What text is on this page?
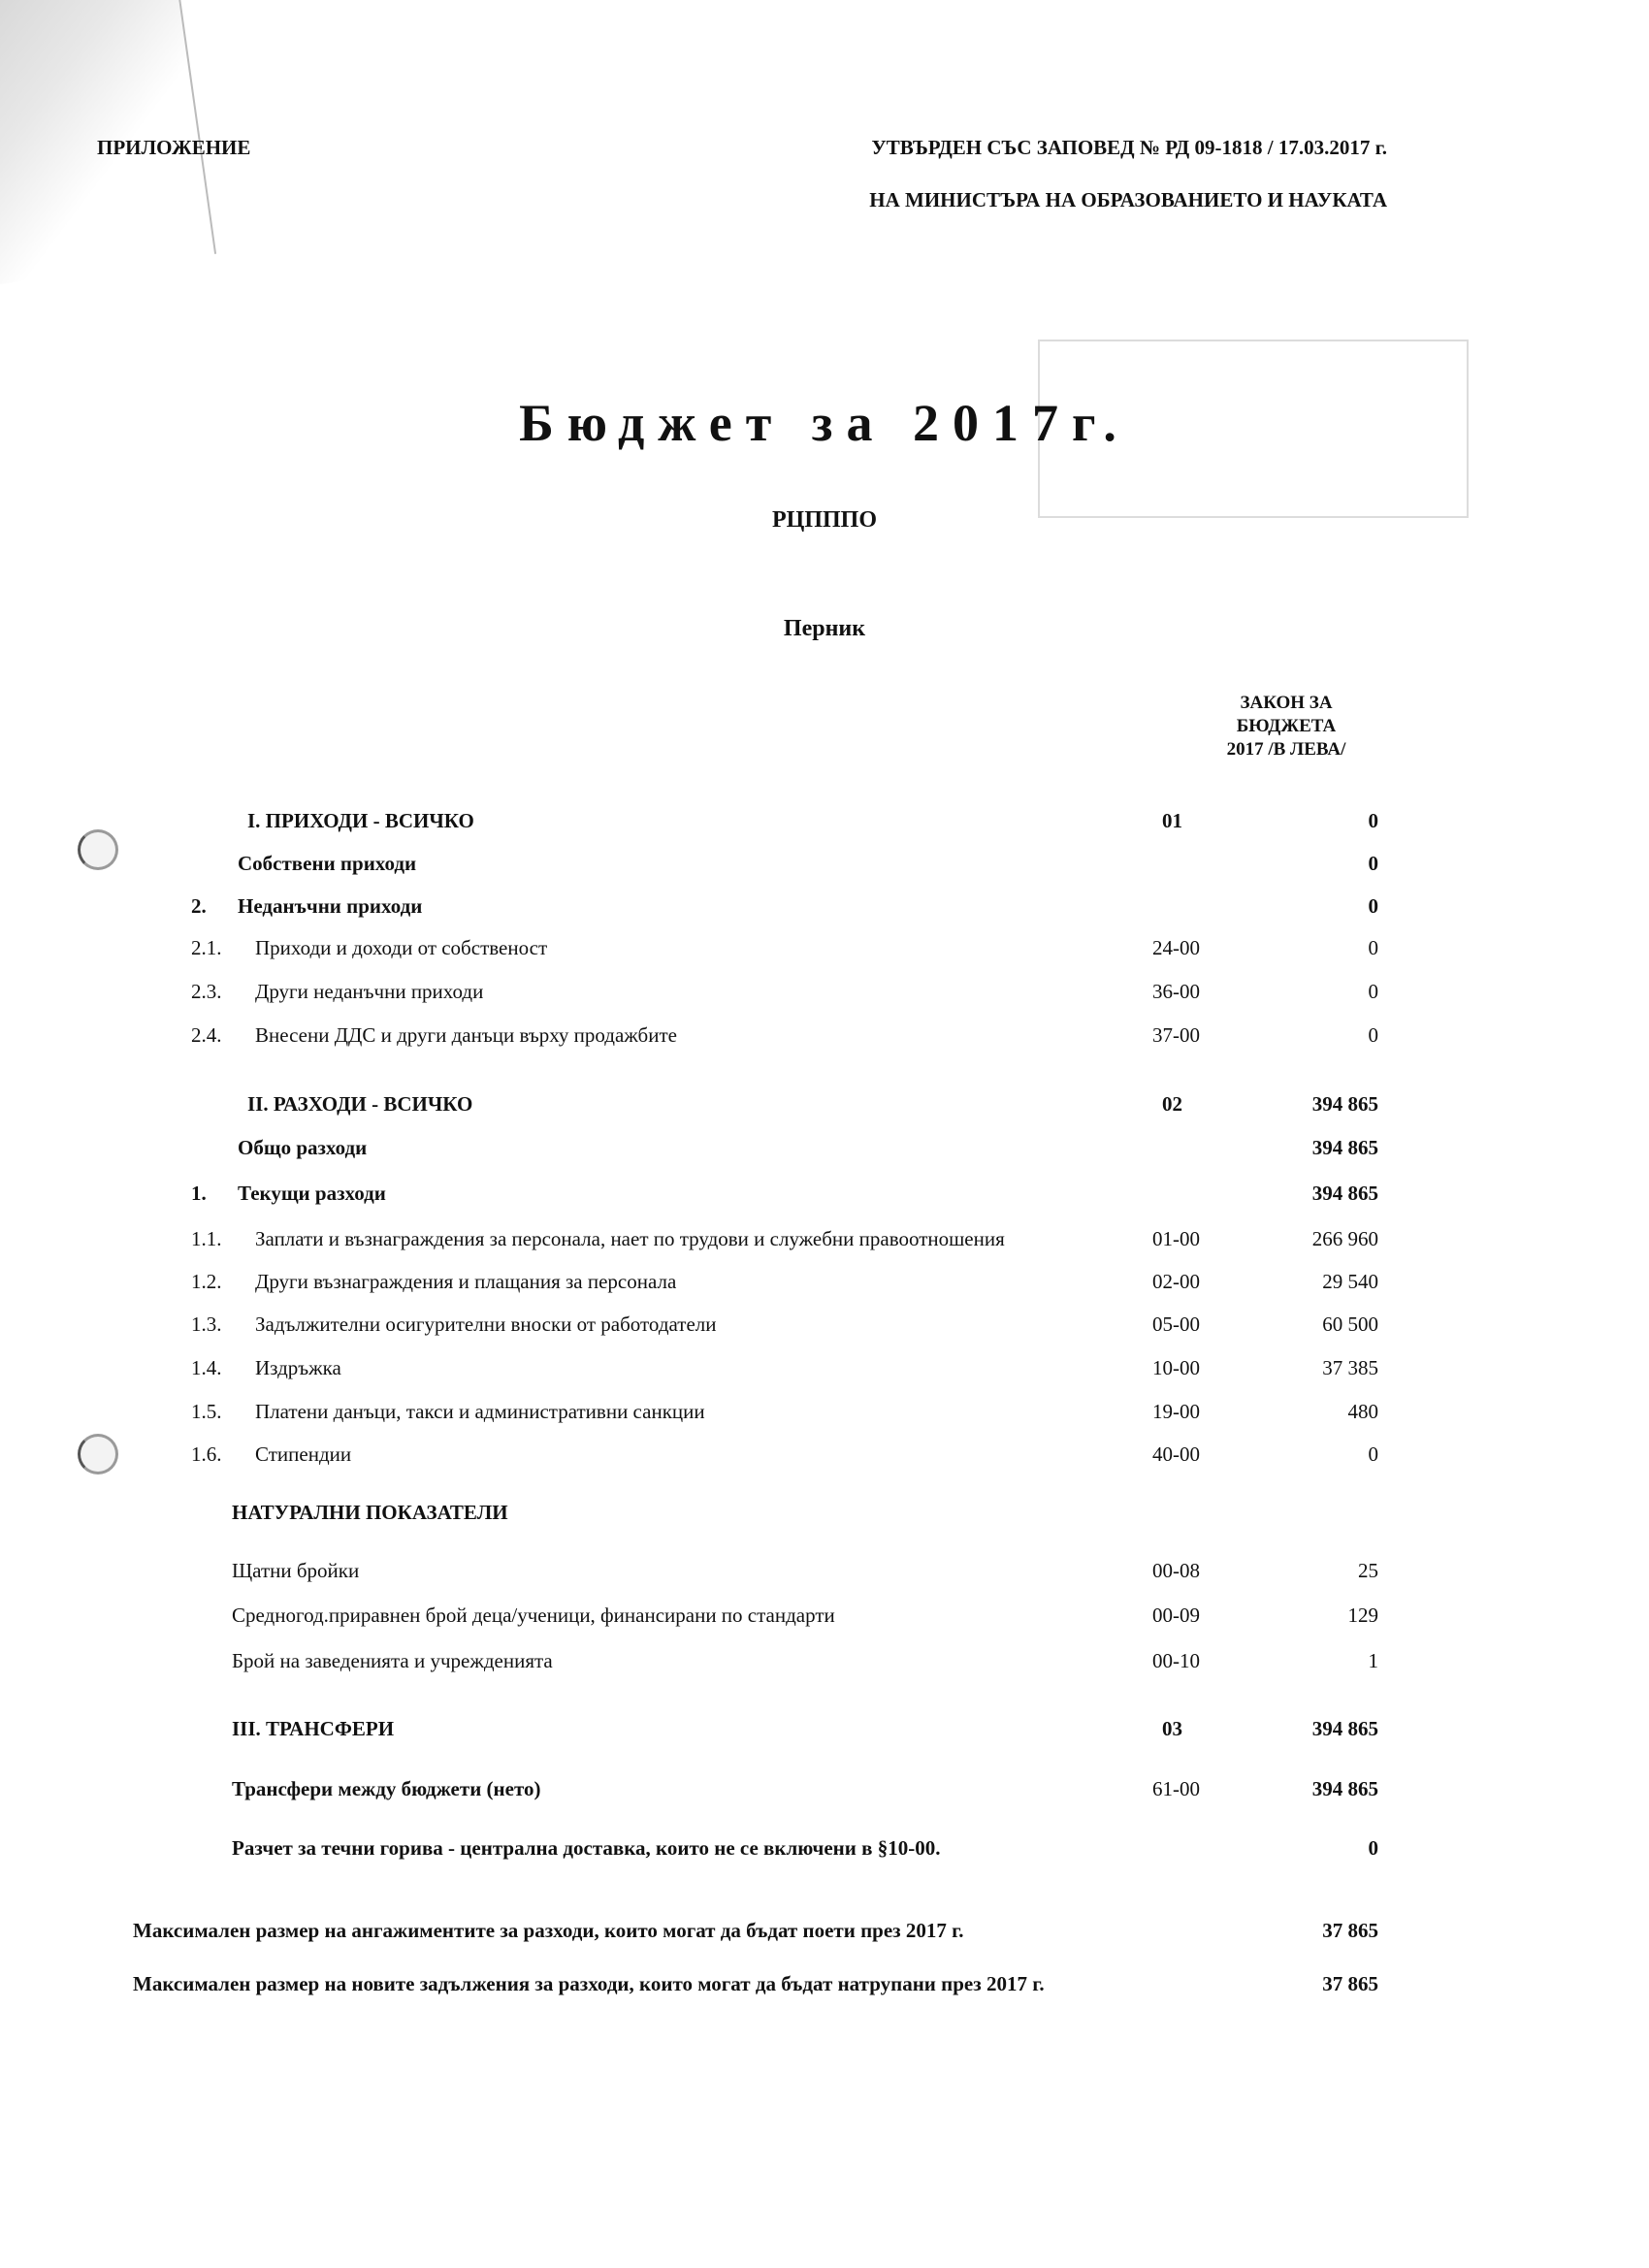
ПРИЛОЖЕНИЕ	УТВЪРДЕН СЪС ЗАПОВЕД № РД 09-1818 / 17.03.2017 г.
НА МИНИСТЪРА НА ОБРАЗОВАНИЕТО И НАУКАТА
Бюджет за 2017г.
РЦПППО
Перник
ЗАКОН ЗА БЮДЖЕТА 2017 /В ЛЕВА/
I. ПРИХОДИ - ВСИЧКО	01	0
Собствени приходи	0
2. Неданъчни приходи	0
2.1. Приходи и доходи от собственост	24-00	0
2.3. Други неданъчни приходи	36-00	0
2.4. Внесени ДДС и други данъци върху продажбите	37-00	0
II. РАЗХОДИ - ВСИЧКО	02	394 865
Общо разходи	394 865
1. Текущи разходи	394 865
1.1. Заплати и възнаграждения за персонала, нает по трудови и служебни правоотношения	01-00	266 960
1.2. Други възнаграждения и плащания за персонала	02-00	29 540
1.3. Задължителни осигурителни вноски от работодатели	05-00	60 500
1.4. Издръжка	10-00	37 385
1.5. Платени данъци, такси и административни санкции	19-00	480
1.6. Стипендии	40-00	0
НАТУРАЛНИ ПОКАЗАТЕЛИ
Щатни бройки	00-08	25
Средногод.приравнен брой деца/ученици, финансирани по стандарти	00-09	129
Брой на заведенията и учрежденията	00-10	1
III. ТРАНСФЕРИ	03	394 865
Трансфери между бюджети (нето)	61-00	394 865
Разчет за течни горива - централна доставка, които не се включени в §10-00.	0
Максимален размер на ангажиментите за разходи, които могат да бъдат поети през 2017 г.	37 865
Максимален размер на новите задължения за разходи, които могат да бъдат натрупани през 2017 г.	37 865
